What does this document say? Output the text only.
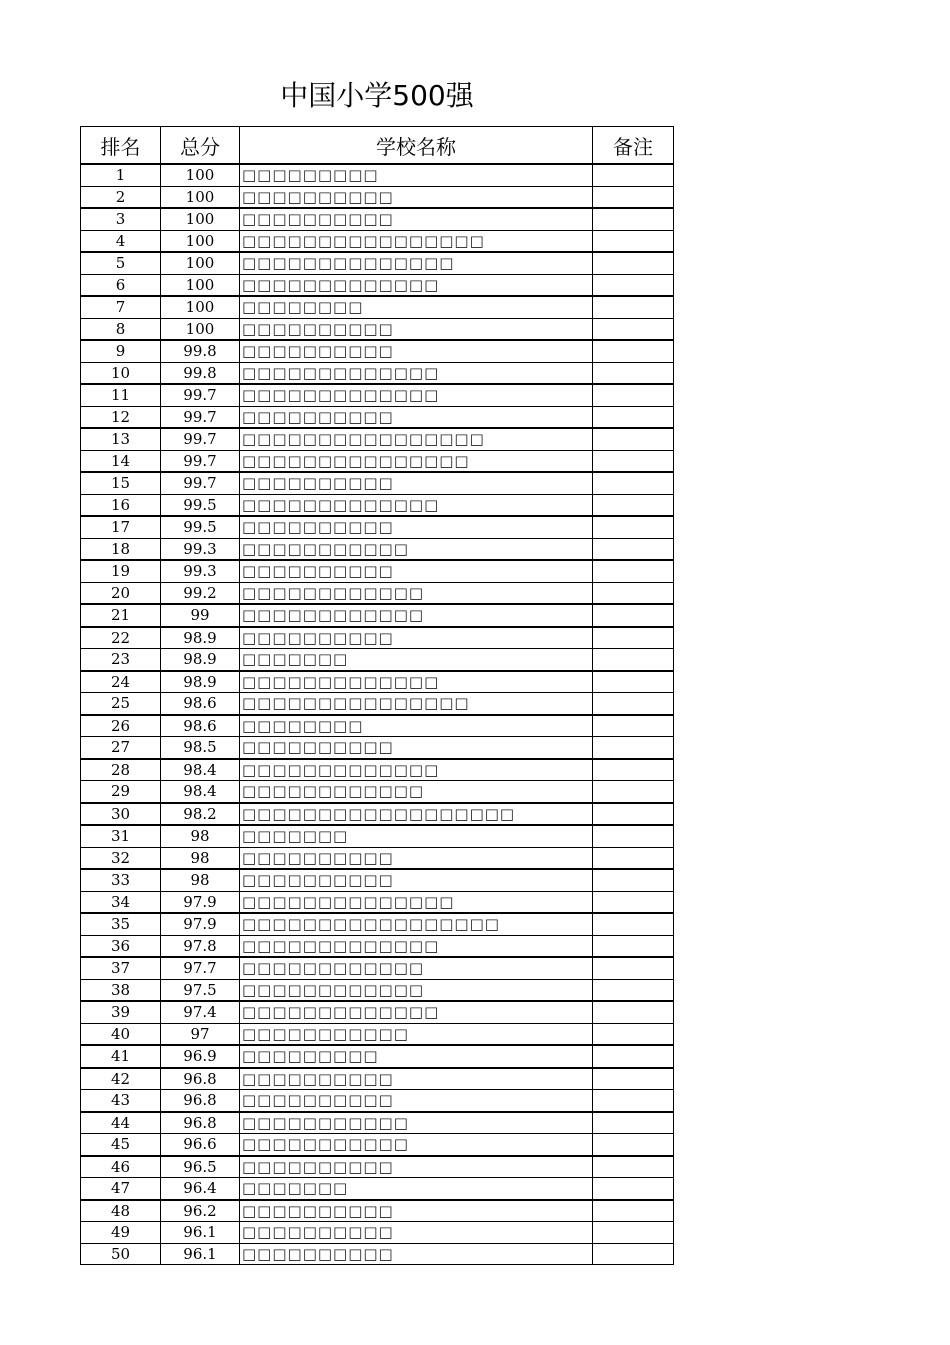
中国小学500强
排名	总分	学校名称	备注
1	100	□□□□□□□□□	
2	100	□□□□□□□□□□	
3	100	□□□□□□□□□□	
4	100	□□□□□□□□□□□□□□□□	
5	100	□□□□□□□□□□□□□□	
6	100	□□□□□□□□□□□□□	
7	100	□□□□□□□□	
8	100	□□□□□□□□□□	
9	99.8	□□□□□□□□□□	
10	99.8	□□□□□□□□□□□□□	
11	99.7	□□□□□□□□□□□□□	
12	99.7	□□□□□□□□□□	
13	99.7	□□□□□□□□□□□□□□□□	
14	99.7	□□□□□□□□□□□□□□□	
15	99.7	□□□□□□□□□□	
16	99.5	□□□□□□□□□□□□□	
17	99.5	□□□□□□□□□□	
18	99.3	□□□□□□□□□□□	
19	99.3	□□□□□□□□□□	
20	99.2	□□□□□□□□□□□□	
21	99	□□□□□□□□□□□□	
22	98.9	□□□□□□□□□□	
23	98.9	□□□□□□□	
24	98.9	□□□□□□□□□□□□□	
25	98.6	□□□□□□□□□□□□□□□	
26	98.6	□□□□□□□□	
27	98.5	□□□□□□□□□□	
28	98.4	□□□□□□□□□□□□□	
29	98.4	□□□□□□□□□□□□	
30	98.2	□□□□□□□□□□□□□□□□□□	
31	98	□□□□□□□	
32	98	□□□□□□□□□□	
33	98	□□□□□□□□□□	
34	97.9	□□□□□□□□□□□□□□	
35	97.9	□□□□□□□□□□□□□□□□□	
36	97.8	□□□□□□□□□□□□□	
37	97.7	□□□□□□□□□□□□	
38	97.5	□□□□□□□□□□□□	
39	97.4	□□□□□□□□□□□□□	
40	97	□□□□□□□□□□□	
41	96.9	□□□□□□□□□	
42	96.8	□□□□□□□□□□	
43	96.8	□□□□□□□□□□	
44	96.8	□□□□□□□□□□□	
45	96.6	□□□□□□□□□□□	
46	96.5	□□□□□□□□□□	
47	96.4	□□□□□□□	
48	96.2	□□□□□□□□□□	
49	96.1	□□□□□□□□□□	
50	96.1	□□□□□□□□□□	
